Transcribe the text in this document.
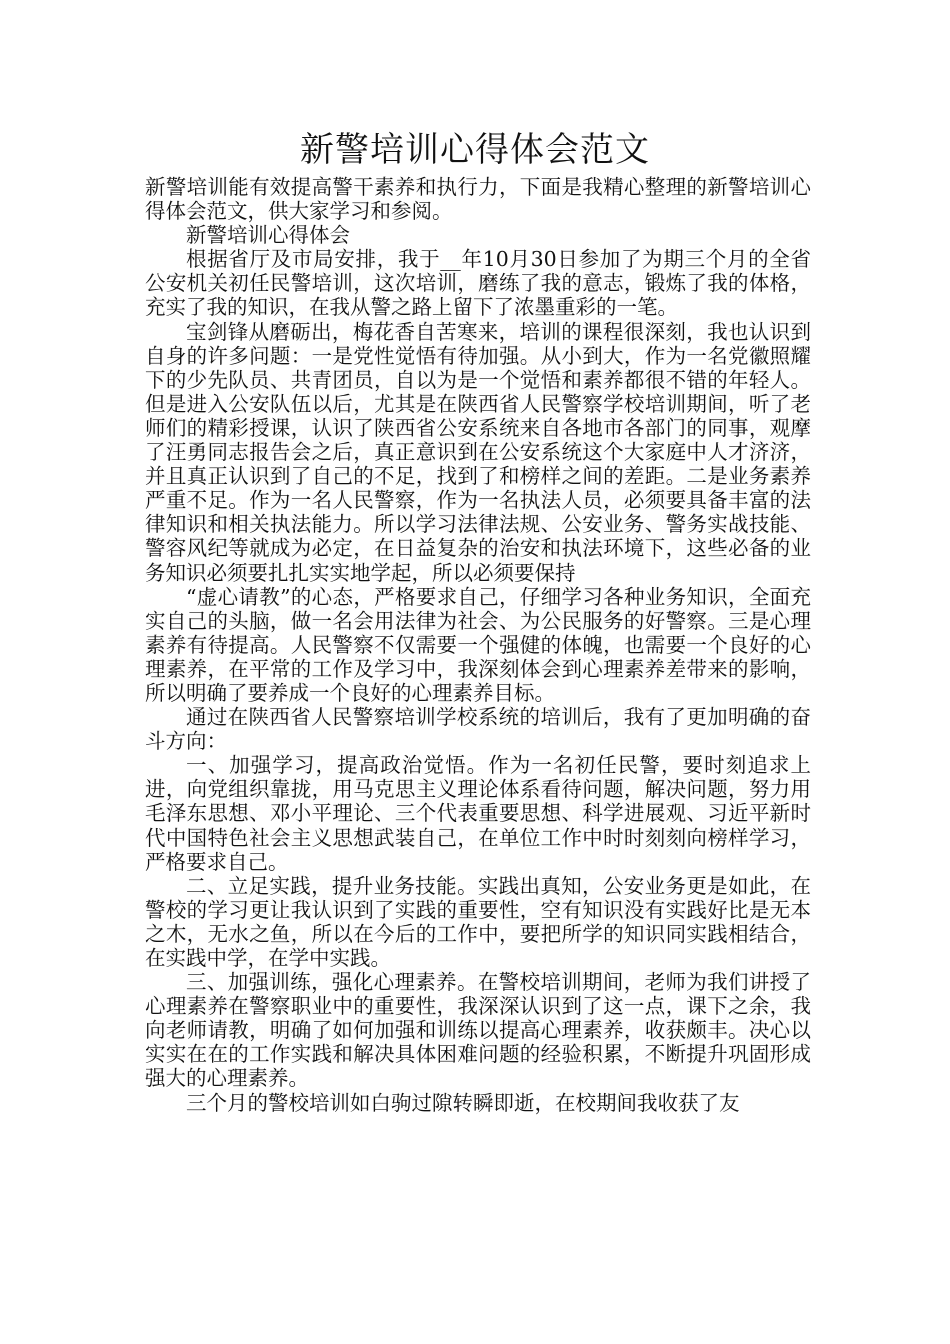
新警培训心得体会范文

新警培训能有效提高警干素养和执行力，下面是我精心整理的新警培训心得体会范文，供大家学习和参阅。

新警培训心得体会

根据省厅及市局安排，我于__年10月30日参加了为期三个月的全省公安机关初任民警培训，这次培训，磨练了我的意志，锻炼了我的体格，充实了我的知识，在我从警之路上留下了浓墨重彩的一笔。

宝剑锋从磨砺出，梅花香自苦寒来，培训的课程很深刻，我也认识到自身的许多问题：一是党性觉悟有待加强。从小到大，作为一名党徽照耀下的少先队员、共青团员，自以为是一个觉悟和素养都很不错的年轻人。但是进入公安队伍以后，尤其是在陕西省人民警察学校培训期间，听了老师们的精彩授课，认识了陕西省公安系统来自各地市各部门的同事，观摩了汪勇同志报告会之后，真正意识到在公安系统这个大家庭中人才济济，并且真正认识到了自己的不足，找到了和榜样之间的差距。二是业务素养严重不足。作为一名人民警察，作为一名执法人员，必须要具备丰富的法律知识和相关执法能力。所以学习法律法规、公安业务、警务实战技能、警容风纪等就成为必定，在日益复杂的治安和执法环境下，这些必备的业务知识必须要扎扎实实地学起，所以必须要保持

“虚心请教”的心态，严格要求自己，仔细学习各种业务知识，全面充实自己的头脑，做一名会用法律为社会、为公民服务的好警察。三是心理素养有待提高。人民警察不仅需要一个强健的体魄，也需要一个良好的心理素养，在平常的工作及学习中，我深刻体会到心理素养差带来的影响，所以明确了要养成一个良好的心理素养目标。

通过在陕西省人民警察培训学校系统的培训后，我有了更加明确的奋斗方向：

一、加强学习，提高政治觉悟。作为一名初任民警，要时刻追求上进，向党组织靠拢，用马克思主义理论体系看待问题，解决问题，努力用毛泽东思想、邓小平理论、三个代表重要思想、科学进展观、习近平新时代中国特色社会主义思想武装自己，在单位工作中时时刻刻向榜样学习，严格要求自己。

二、立足实践，提升业务技能。实践出真知，公安业务更是如此，在警校的学习更让我认识到了实践的重要性，空有知识没有实践好比是无本之木，无水之鱼，所以在今后的工作中，要把所学的知识同实践相结合，在实践中学，在学中实践。

三、加强训练，强化心理素养。在警校培训期间，老师为我们讲授了心理素养在警察职业中的重要性，我深深认识到了这一点，课下之余，我向老师请教，明确了如何加强和训练以提高心理素养，收获颇丰。决心以实实在在的工作实践和解决具体困难问题的经验积累，不断提升巩固形成强大的心理素养。

三个月的警校培训如白驹过隙转瞬即逝，在校期间我收获了友
